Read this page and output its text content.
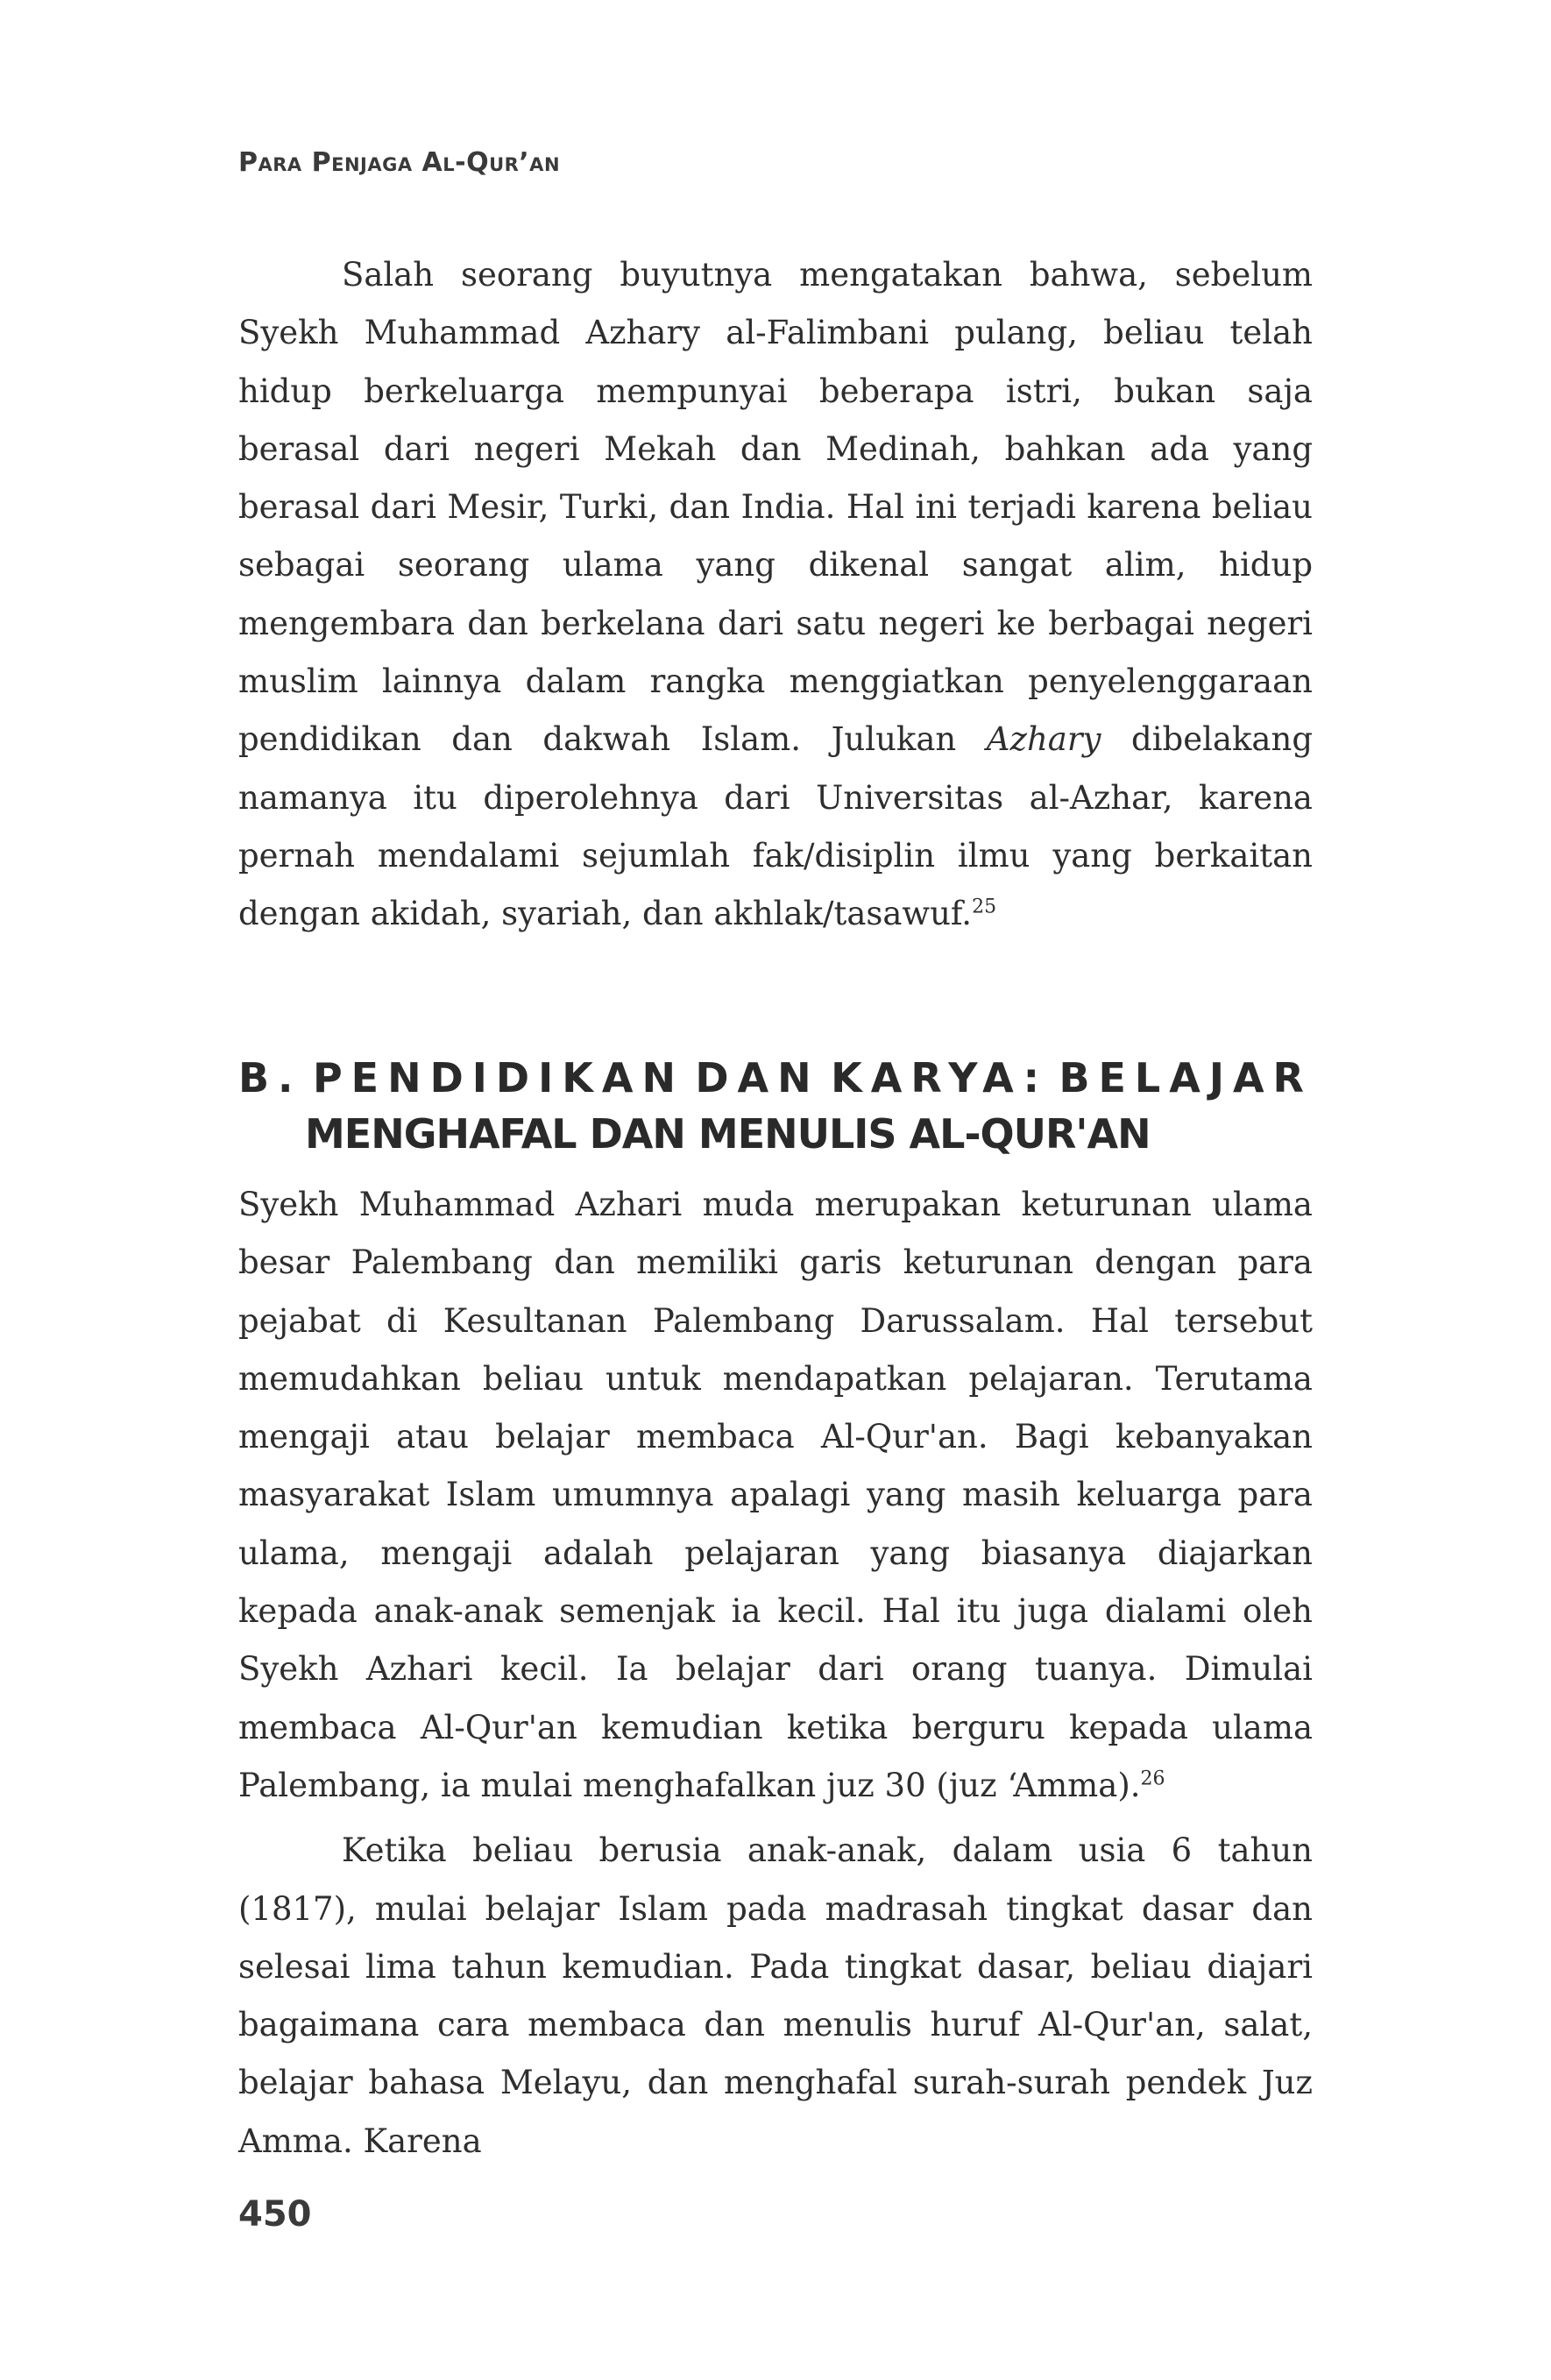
Para Penjaga Al-Qur’an

Salah seorang buyutnya mengatakan bahwa, sebelum Syekh Muhammad Azhary al-Falimbani pulang, beliau telah hidup berkeluarga mempunyai beberapa istri, bukan saja berasal dari negeri Mekah dan Medinah, bahkan ada yang berasal dari Mesir, Turki, dan India. Hal ini terjadi karena beliau sebagai seorang ulama yang dikenal sangat alim, hidup mengembara dan berkelana dari satu negeri ke berbagai negeri muslim lainnya dalam rangka menggiatkan penyelenggaraan pendidikan dan dakwah Islam. Julukan Azhary dibelakang namanya itu diperolehnya dari Universitas al-Azhar, karena pernah mendalami sejumlah fak/disiplin ilmu yang berkaitan dengan akidah, syariah, dan akhlak/tasawuf.$^{25}$

B. PENDIDIKAN DAN KARYA: BELAJAR
MENGHAFAL DAN MENULIS AL-QUR'AN

Syekh Muhammad Azhari muda merupakan keturunan ulama besar Palembang dan memiliki garis keturunan dengan para pejabat di Kesultanan Palembang Darussalam. Hal tersebut memudahkan beliau untuk mendapatkan pelajaran. Terutama mengaji atau belajar membaca Al-Qur'an. Bagi kebanyakan masyarakat Islam umumnya apalagi yang masih keluarga para ulama, mengaji adalah pelajaran yang biasanya diajarkan kepada anak-anak semenjak ia kecil. Hal itu juga dialami oleh Syekh Azhari kecil. Ia belajar dari orang tuanya. Dimulai membaca Al-Qur'an kemudian ketika berguru kepada ulama Palembang, ia mulai menghafalkan juz 30 (juz ‘Amma).$^{26}$

Ketika beliau berusia anak-anak, dalam usia 6 tahun (1817), mulai belajar Islam pada madrasah tingkat dasar dan selesai lima tahun kemudian. Pada tingkat dasar, beliau diajari bagaimana cara membaca dan menulis huruf Al-Qur'an, salat, belajar bahasa Melayu, dan menghafal surah-surah pendek Juz Amma. Karena

450
